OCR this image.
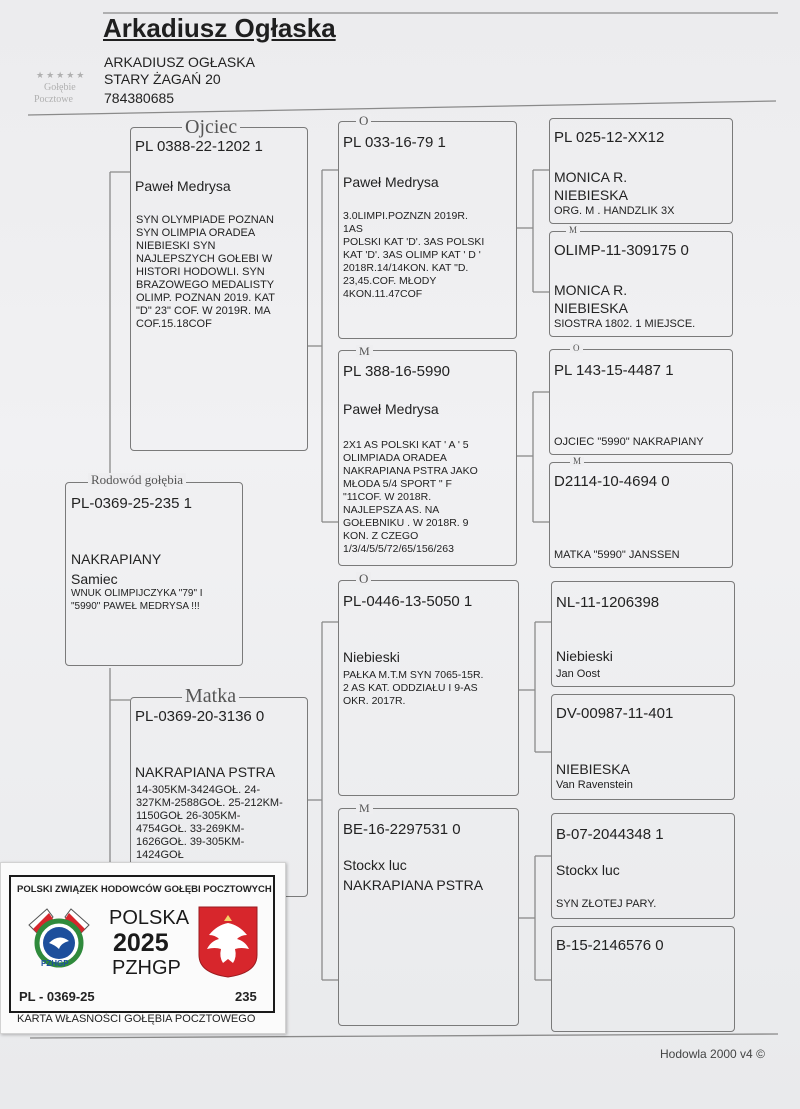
Arkadiusz Ogłaska
ARKADIUSZ OGŁASKA
STARY ŻAGAŃ 20
784380685
★★★★★
Gołębie
Pocztowe
PL-0369-25-235 1
NAKRAPIANY
Samiec
WNUK OLIMPIJCZYKA "79" I
"5990" PAWEŁ MEDRYSA !!!
Rodowód gołębia
PL 0388-22-1202 1
Paweł Medrysa
SYN OLYMPIADE POZNAN
SYN OLIMPIA ORADEA
NIEBIESKI SYN
NAJLEPSZYCH GOŁEBI W
HISTORI HODOWLI. SYN
BRAZOWEGO MEDALISTY
OLIMP. POZNAN 2019. KAT
"D" 23" COF. W 2019R. MA
COF.15.18COF
Ojciec
PL-0369-20-3136 0
NAKRAPIANA PSTRA
14-305KM-3424GOŁ. 24-
327KM-2588GOŁ. 25-212KM-
1150GOŁ 26-305KM-
4754GOŁ. 33-269KM-
1626GOŁ. 39-305KM-
1424GOŁ
Matka
PL 033-16-79 1
Paweł Medrysa
3.0LIMPI.POZNZN 2019R.
1AS
POLSKI KAT 'D'. 3AS POLSKI
KAT 'D'. 3AS OLIMP KAT ' D '
2018R.14/14KON. KAT "D.
23,45.COF. MŁODY
4KON.11.47COF
O
PL 388-16-5990
Paweł Medrysa
2X1 AS POLSKI KAT ' A ' 5
OLIMPIADA ORADEA
NAKRAPIANA PSTRA JAKO
MŁODA 5/4 SPORT " F
"11COF. W 2018R.
NAJLEPSZA AS. NA
GOŁEBNIKU . W 2018R. 9
KON. Z CZEGO
1/3/4/5/5/72/65/156/263
M
PL-0446-13-5050 1
Niebieski
PAŁKA M.T.M SYN 7065-15R.
2 AS KAT. ODDZIAŁU I 9-AS
OKR. 2017R.
O
BE-16-2297531 0
Stockx luc
NAKRAPIANA PSTRA
M
PL 025-12-XX12
MONICA R.
NIEBIESKA
ORG. M . HANDZLIK 3X
OLIMP-11-309175 0
MONICA R.
NIEBIESKA
SIOSTRA 1802. 1 MIEJSCE.
M
PL 143-15-4487 1
OJCIEC "5990" NAKRAPIANY
O
D2114-10-4694 0
MATKA "5990" JANSSEN
M
NL-11-1206398
Niebieski
Jan Oost
DV-00987-11-401
NIEBIESKA
Van Ravenstein
B-07-2044348 1
Stockx luc
SYN ZŁOTEJ PARY.
B-15-2146576 0
Hodowla 2000 v4 ©
POLSKI ZWIĄZEK HODOWCÓW GOŁĘBI POCZTOWYCH
PZHGP
POLSKA
2025
PZHGP
PL - 0369-25	235
KARTA WŁASNOŚCI GOŁĘBIA POCZTOWEGO
